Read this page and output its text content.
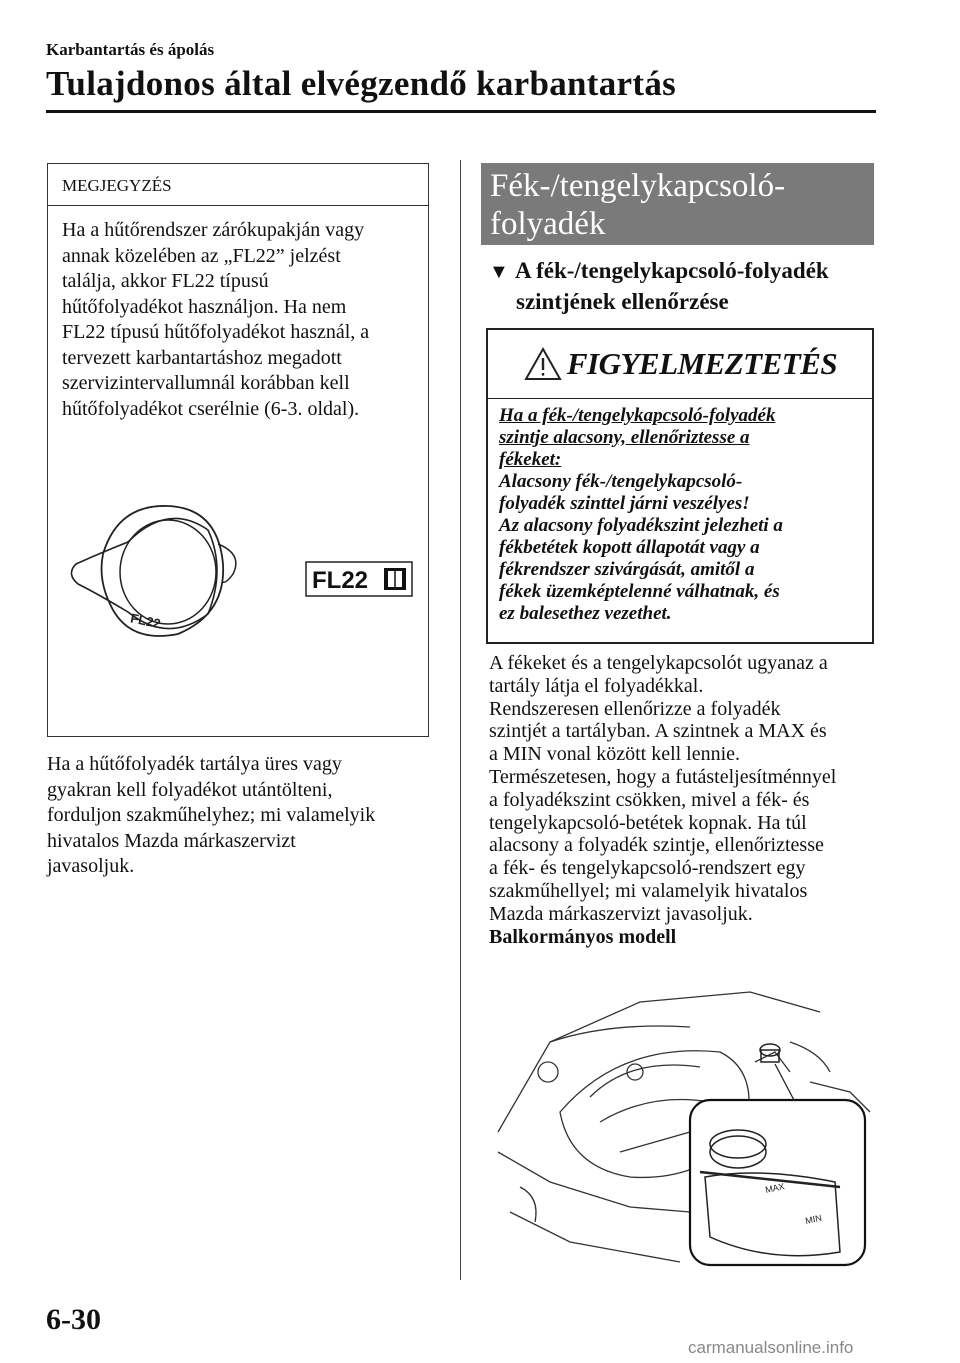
Karbantartás és ápolás
Tulajdonos által elvégzendő karbantartás
MEGJEGYZÉS

Ha a hűtőrendszer zárókupakján vagy

annak közelében az „FL22” jelzést

találja, akkor FL22 típusú

hűtőfolyadékot használjon. Ha nem

FL22 típusú hűtőfolyadékot használ, a

tervezett karbantartáshoz megadott

szervizintervallumnál korábban kell

hűtőfolyadékot cserélnie (6-3. oldal).

FL22
FL22

Ha a hűtőfolyadék tartálya üres vagy

gyakran kell folyadékot utántölteni,

forduljon szakműhelyhez; mi valamelyik

hivatalos Mazda márkaszervizt

javasoljuk.

Fék-/tengelykapcsoló-
folyadék
▼ A fék-/tengelykapcsoló-folyadék
szintjének ellenőrzése
FIGYELMEZTETÉS

Ha a fék-/tengelykapcsoló-folyadék

szintje alacsony, ellenőriztesse a

fékeket:

Alacsony fék-/tengelykapcsoló-

folyadék szinttel járni veszélyes!

Az alacsony folyadékszint jelezheti a

fékbetétek kopott állapotát vagy a

fékrendszer szivárgását, amitől a

fékek üzemképtelenné válhatnak, és

ez balesethez vezethet.

A fékeket és a tengelykapcsolót ugyanaz a

tartály látja el folyadékkal.

Rendszeresen ellenőrizze a folyadék

szintjét a tartályban. A szintnek a MAX és

a MIN vonal között kell lennie.

Természetesen, hogy a futásteljesítménnyel

a folyadékszint csökken, mivel a fék- és

tengelykapcsoló-betétek kopnak. Ha túl

alacsony a folyadék szintje, ellenőriztesse

a fék- és tengelykapcsoló-rendszert egy

szakműhellyel; mi valamelyik hivatalos

Mazda márkaszervizt javasoljuk.

Balkormányos modell

MAX
MIN
6-30
carmanualsonline.info
